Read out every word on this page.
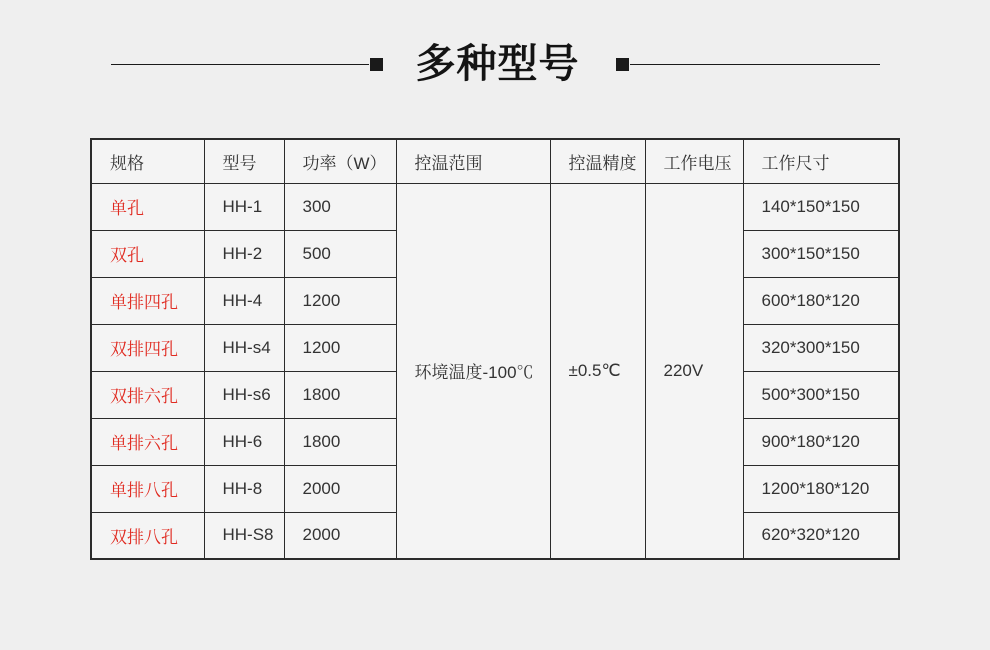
多种型号
规格	型号	功率（W）	控温范围	控温精度	工作电压	工作尺寸
单孔	HH-1	300	环境温度-100℃	±0.5℃	220V	140*150*150
双孔	HH-2	500				300*150*150
单排四孔	HH-4	1200				600*180*120
双排四孔	HH-s4	1200				320*300*150
双排六孔	HH-s6	1800				500*300*150
单排六孔	HH-6	1800				900*180*120
单排八孔	HH-8	2000				1200*180*120
双排八孔	HH-S8	2000				620*320*120
